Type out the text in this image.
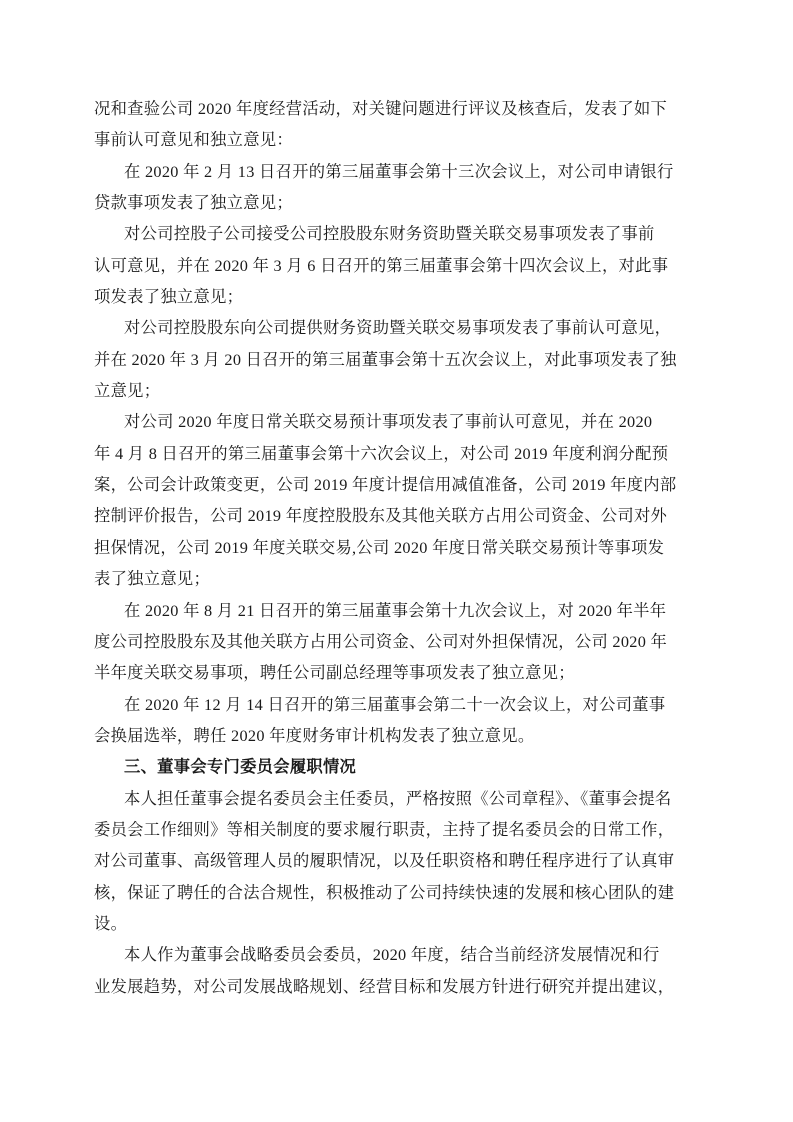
况和查验公司 2020 年度经营活动，对关键问题进行评议及核查后，发表了如下
事前认可意见和独立意见：
在 2020 年 2 月 13 日召开的第三届董事会第十三次会议上，对公司申请银行
贷款事项发表了独立意见；
对公司控股子公司接受公司控股股东财务资助暨关联交易事项发表了事前
认可意见，并在 2020 年 3 月 6 日召开的第三届董事会第十四次会议上，对此事
项发表了独立意见；
对公司控股股东向公司提供财务资助暨关联交易事项发表了事前认可意见，
并在 2020 年 3 月 20 日召开的第三届董事会第十五次会议上，对此事项发表了独
立意见；
对公司 2020 年度日常关联交易预计事项发表了事前认可意见，并在 2020
年 4 月 8 日召开的第三届董事会第十六次会议上，对公司 2019 年度利润分配预
案，公司会计政策变更，公司 2019 年度计提信用减值准备，公司 2019 年度内部
控制评价报告，公司 2019 年度控股股东及其他关联方占用公司资金、公司对外
担保情况，公司 2019 年度关联交易,公司 2020 年度日常关联交易预计等事项发
表了独立意见；
在 2020 年 8 月 21 日召开的第三届董事会第十九次会议上，对 2020 年半年
度公司控股股东及其他关联方占用公司资金、公司对外担保情况，公司 2020 年
半年度关联交易事项，聘任公司副总经理等事项发表了独立意见；
在 2020 年 12 月 14 日召开的第三届董事会第二十一次会议上，对公司董事
会换届选举，聘任 2020 年度财务审计机构发表了独立意见。
三、董事会专门委员会履职情况
本人担任董事会提名委员会主任委员，严格按照《公司章程》、《董事会提名
委员会工作细则》等相关制度的要求履行职责，主持了提名委员会的日常工作，
对公司董事、高级管理人员的履职情况，以及任职资格和聘任程序进行了认真审
核，保证了聘任的合法合规性，积极推动了公司持续快速的发展和核心团队的建
设。
本人作为董事会战略委员会委员，2020 年度，结合当前经济发展情况和行
业发展趋势，对公司发展战略规划、经营目标和发展方针进行研究并提出建议，
